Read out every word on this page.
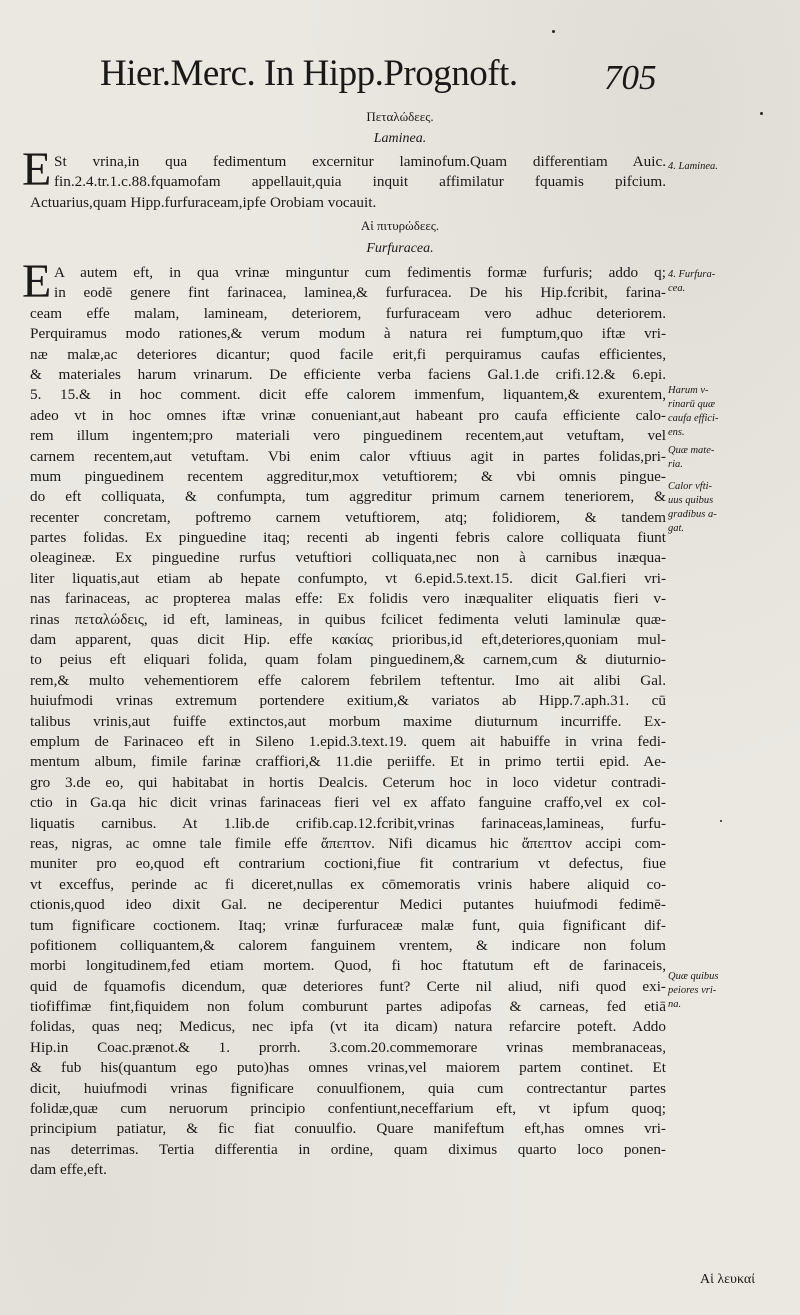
Hier.Merc. In Hipp.Prognoft.	705
Πεταλώδεες.
Laminea.
E St vrina,in qua fedimentum excernitur laminofum.Quam differentiam Auic.
fin.2.4.tr.1.c.88.fquamofam appellauit,quia inquit affimilatur fquamis pifcium.
Actuarius,quam Hipp.furfuraceam,ipfe Orobiam vocauit.
Αἱ πιτυρώδεες.
Furfuracea.
E A autem eft, in qua vrinæ minguntur cum fedimentis formæ furfuris; addo q;
in eodē genere fint farinacea, laminea,& furfuracea. De his Hip.fcribit, farina-
ceam effe malam, lamineam, deteriorem, furfuraceam vero adhuc deteriorem.
Perquiramus modo rationes,& verum modum à natura rei fumptum,quo iftæ vri-
næ malæ,ac deteriores dicantur; quod facile erit,fi perquiramus caufas efficientes,
& materiales harum vrinarum. De efficiente verba faciens Gal.1.de crifi.12.& 6.epi.
5. 15.& in hoc comment. dicit effe calorem immenfum, liquantem,& exurentem,
adeo vt in hoc omnes iftæ vrinæ conueniant,aut habeant pro caufa efficiente calo-
rem illum ingentem;pro materiali vero pinguedinem recentem,aut vetuftam, vel
carnem recentem,aut vetuftam. Vbi enim calor vftiuus agit in partes folidas,pri-
mum pinguedinem recentem aggreditur,mox vetuftiorem; & vbi omnis pingue-
do eft colliquata, & confumpta, tum aggreditur primum carnem teneriorem, &
recenter concretam, poftremo carnem vetuftiorem, atq; folidiorem, & tandem
partes folidas. Ex pinguedine itaq; recenti ab ingenti febris calore colliquata fiunt
oleagineæ. Ex pinguedine rurfus vetuftiori colliquata,nec non à carnibus inæqua-
liter liquatis,aut etiam ab hepate confumpto, vt 6.epid.5.text.15. dicit Gal.fieri vri-
nas farinaceas, ac propterea malas effe: Ex folidis vero inæqualiter eliquatis fieri v-
rinas πεταλώδεις, id eft, lamineas, in quibus fcilicet fedimenta veluti laminulæ quæ-
dam apparent, quas dicit Hip. effe κακίας prioribus,id eft,deteriores,quoniam mul-
to peius eft eliquari folida, quam folam pinguedinem,& carnem,cum & diuturnio-
rem,& multo vehementiorem effe calorem febrilem teftentur. Imo ait alibi Gal.
huiufmodi vrinas extremum portendere exitium,& variatos ab Hipp.7.aph.31. cū
talibus vrinis,aut fuiffe extinctos,aut morbum maxime diuturnum incurriffe. Ex-
emplum de Farinaceo eft in Sileno 1.epid.3.text.19. quem ait habuiffe in vrina fedi-
mentum album, fimile farinæ craffiori,& 11.die periiffe. Et in primo tertii epid. Ae-
gro 3.de eo, qui habitabat in hortis Dealcis. Ceterum hoc in loco videtur contradi-
ctio in Ga.qa hic dicit vrinas farinaceas fieri vel ex affato fanguine craffo,vel ex col-
liquatis carnibus. At 1.lib.de crifib.cap.12.fcribit,vrinas farinaceas,lamineas, furfu-
reas, nigras, ac omne tale fimile effe ἄπεπτον. Nifi dicamus hic ἄπεπτον accipi com-
muniter pro eo,quod eft contrarium coctioni,fiue fit contrarium vt defectus, fiue
vt exceffus, perinde ac fi diceret,nullas ex cōmemoratis vrinis habere aliquid co-
ctionis,quod ideo dixit Gal. ne deciperentur Medici putantes huiufmodi fedimē-
tum fignificare coctionem. Itaq; vrinæ furfuraceæ malæ funt, quia fignificant dif-
pofitionem colliquantem,& calorem fanguinem vrentem, & indicare non folum
morbi longitudinem,fed etiam mortem. Quod, fi hoc ftatutum eft de farinaceis,
quid de fquamofis dicendum, quæ deteriores funt? Certe nil aliud, nifi quod exi-
tiofiffimæ fint,fiquidem non folum comburunt partes adipofas & carneas, fed etiā
folidas, quas neq; Medicus, nec ipfa (vt ita dicam) natura refarcire poteft. Addo
Hip.in Coac.prænot.& 1. prorrh. 3.com.20.commemorare vrinas membranaceas,
& fub his(quantum ego puto)has omnes vrinas,vel maiorem partem continet. Et
dicit, huiufmodi vrinas fignificare conuulfionem, quia cum contrectantur partes
folidæ,quæ cum neruorum principio confentiunt,neceffarium eft, vt ipfum quoq;
principium patiatur, & fic fiat conuulfio. Quare manifeftum eft,has omnes vri-
nas deterrimas. Tertia differentia in ordine, quam diximus quarto loco ponen-
dam effe,eft.
4. Laminea.
4. Furfura-
cea.
Harum v-
rinarū quæ
caufa effici-
ens.
Quæ mate-
ria.
Calor vfti-
uus quibus
gradibus a-
gat.
Quæ quibus
peiores vri-
na.
Αἱ λευκαί
